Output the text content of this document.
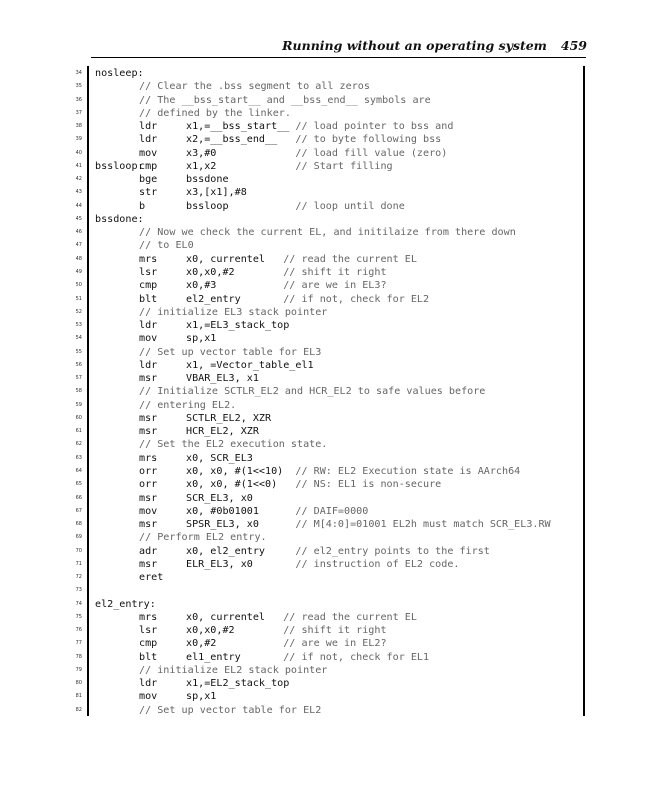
Running without an operating system 459
34 nosleep:
35	// Clear the .bss segment to all zeros
36	// The __bss_start__ and __bss_end__ symbols are
37	// defined by the linker.
38	ldr	x1,=__bss_start__ // load pointer to bss and
39	ldr	x2,=__bss_end__   // to byte following bss
40	mov	x3,#0             // load fill value (zero)
41 bssloop:
cmp	x1,x2             // Start filling
42	bge	bssdone
43	str	x3,[x1],#8
44	b	bssloop           // loop until done
45 bssdone:
46	// Now we check the current EL, and initilaize from there down
47	// to EL0
48	mrs	x0, currentel   // read the current EL
49	lsr	x0,x0,#2        // shift it right
50	cmp	x0,#3           // are we in EL3?
51	blt	el2_entry       // if not, check for EL2
52	// initialize EL3 stack pointer
53	ldr	x1,=EL3_stack_top
54	mov	sp,x1
55	// Set up vector table for EL3
56	ldr	x1, =Vector_table_el1
57	msr	VBAR_EL3, x1
58	// Initialize SCTLR_EL2 and HCR_EL2 to safe values before
59	// entering EL2.
60	msr	SCTLR_EL2, XZR
61	msr	HCR_EL2, XZR
62	// Set the EL2 execution state.
63	mrs	x0, SCR_EL3
64	orr	x0, x0, #(1<<10)  // RW: EL2 Execution state is AArch64
65	orr	x0, x0, #(1<<0)   // NS: EL1 is non-secure
66	msr	SCR_EL3, x0
67	mov	x0, #0b01001      // DAIF=0000
68	msr	SPSR_EL3, x0      // M[4:0]=01001 EL2h must match SCR_EL3.RW
69	// Perform EL2 entry.
70	adr	x0, el2_entry     // el2_entry points to the first
71	msr	ELR_EL3, x0       // instruction of EL2 code.
72	eret
73
74 el2_entry:
75	mrs	x0, currentel   // read the current EL
76	lsr	x0,x0,#2        // shift it right
77	cmp	x0,#2           // are we in EL2?
78	blt	el1_entry       // if not, check for EL1
79	// initialize EL2 stack pointer
80	ldr	x1,=EL2_stack_top
81	mov	sp,x1
82	// Set up vector table for EL2
